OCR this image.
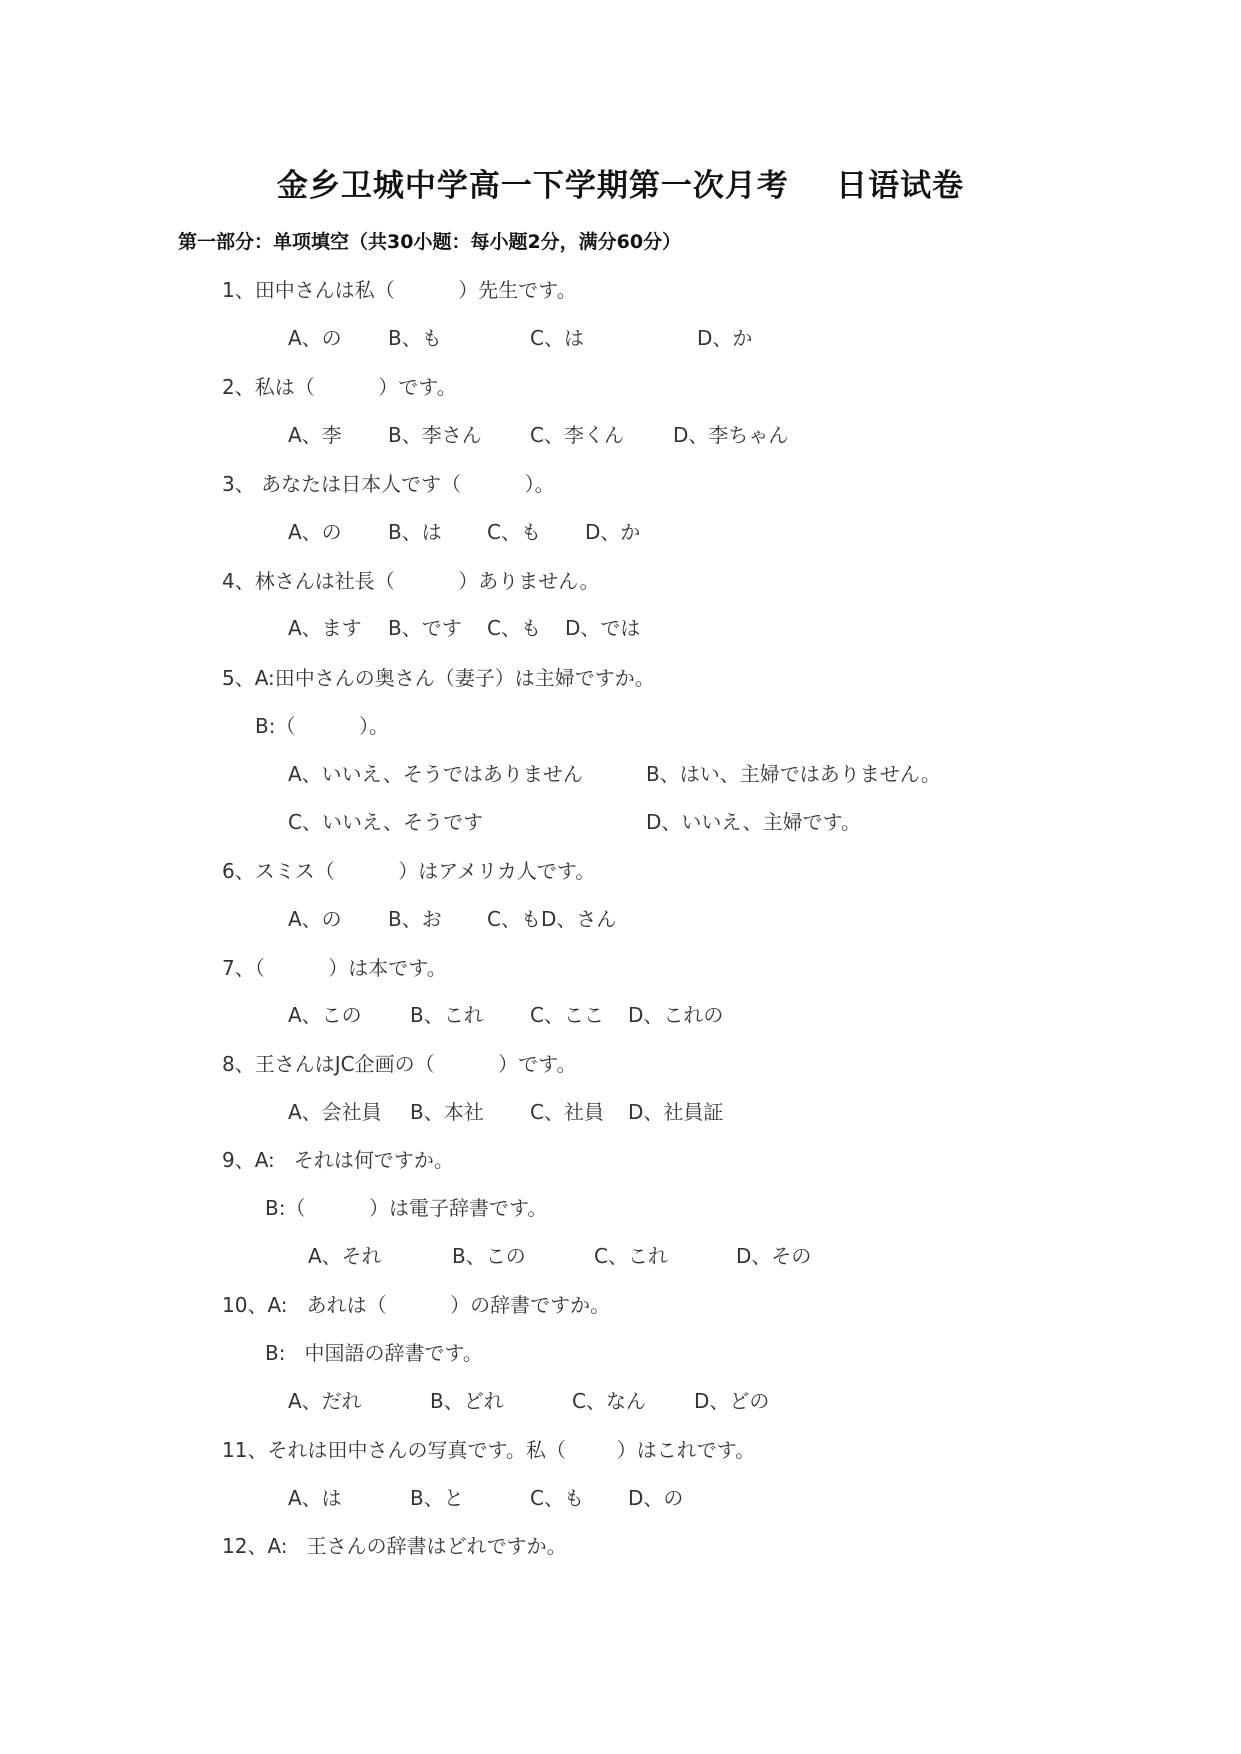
金乡卫城中学高一下学期第一次月考    日语试卷
第一部分：单项填空（共30小题：每小题2分，满分60分）
1、田中さんは私（          ）先生です。
A、の B、も	C、は	D、か
2、私は（          ）です。
A、李 B、李さん C、李くん D、李ちゃん
3、 あなたは日本人です（          ）。
A、の B、は C、も D、か
4、林さんは社長（          ）ありません。
A、ます B、です C、も D、では
5、A:田中さんの奥さん（妻子）は主婦ですか。
B:（          ）。
A、いいえ、そうではありません	B、はい、主婦ではありません。
C、いいえ、そうです	D、いいえ、主婦です。
6、スミス（          ）はアメリカ人です。
A、の B、お C、もD、さん
7、（          ）は本です。
A、この B、これ C、ここ D、これの
8、王さんはJC企画の（          ）です。
A、会社員 B、本社 C、社員 D、社員証
9、A:   それは何ですか。
B:（          ）は電子辞書です。
A、それ	B、この	C、これ	D、その
10、A:   あれは（          ）の辞書ですか。
B:   中国語の辞書です。
A、だれ	B、どれ	C、なん D、どの
11、それは田中さんの写真です。私（        ）はこれです。
A、は	B、と	C、も D、の
12、A:   王さんの辞書はどれですか。
